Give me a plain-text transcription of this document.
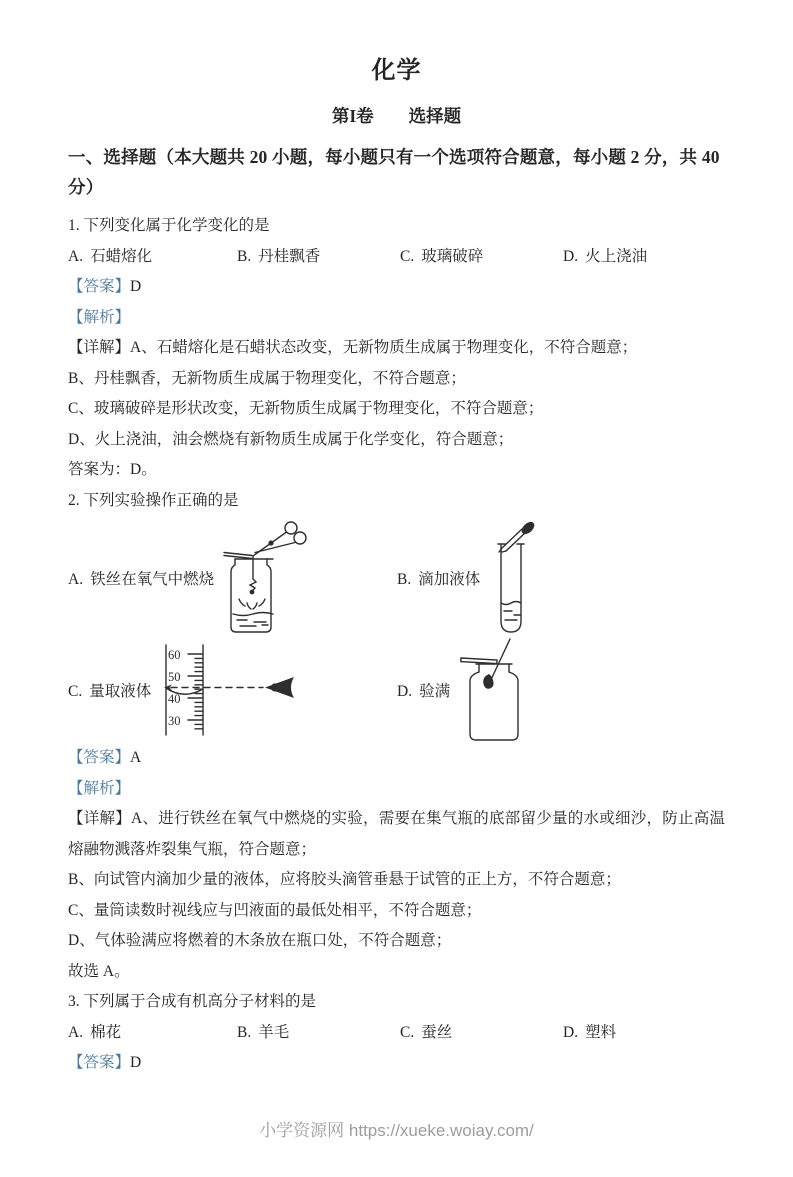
化学
第I卷　　选择题
一、选择题（本大题共 20 小题，每小题只有一个选项符合题意，每小题 2 分，共 40 分）

1. 下列变化属于化学变化的是

A. 石蜡熔化	B. 丹桂飘香	C. 玻璃破碎	D. 火上浇油

【答案】D

【解析】

【详解】A、石蜡熔化是石蜡状态改变，无新物质生成属于物理变化，不符合题意；

B、丹桂飘香，无新物质生成属于物理变化，不符合题意；

C、玻璃破碎是形状改变，无新物质生成属于物理变化，不符合题意；

D、火上浇油，油会燃烧有新物质生成属于化学变化，符合题意；

答案为：D。

2. 下列实验操作正确的是

A. 铁丝在氧气中燃烧	B. 滴加液体
C. 量取液体
60
50
40
30
D. 验满

【答案】A

【解析】

【详解】A、进行铁丝在氧气中燃烧的实验，需要在集气瓶的底部留少量的水或细沙，防止高温熔融物溅落炸裂集气瓶，符合题意；

B、向试管内滴加少量的液体，应将胶头滴管垂悬于试管的正上方，不符合题意；

C、量筒读数时视线应与凹液面的最低处相平，不符合题意；

D、气体验满应将燃着的木条放在瓶口处，不符合题意；

故选 A。

3. 下列属于合成有机高分子材料的是

A. 棉花	B. 羊毛	C. 蚕丝	D. 塑料

【答案】D

小学资源网 https://xueke.woiay.com/
